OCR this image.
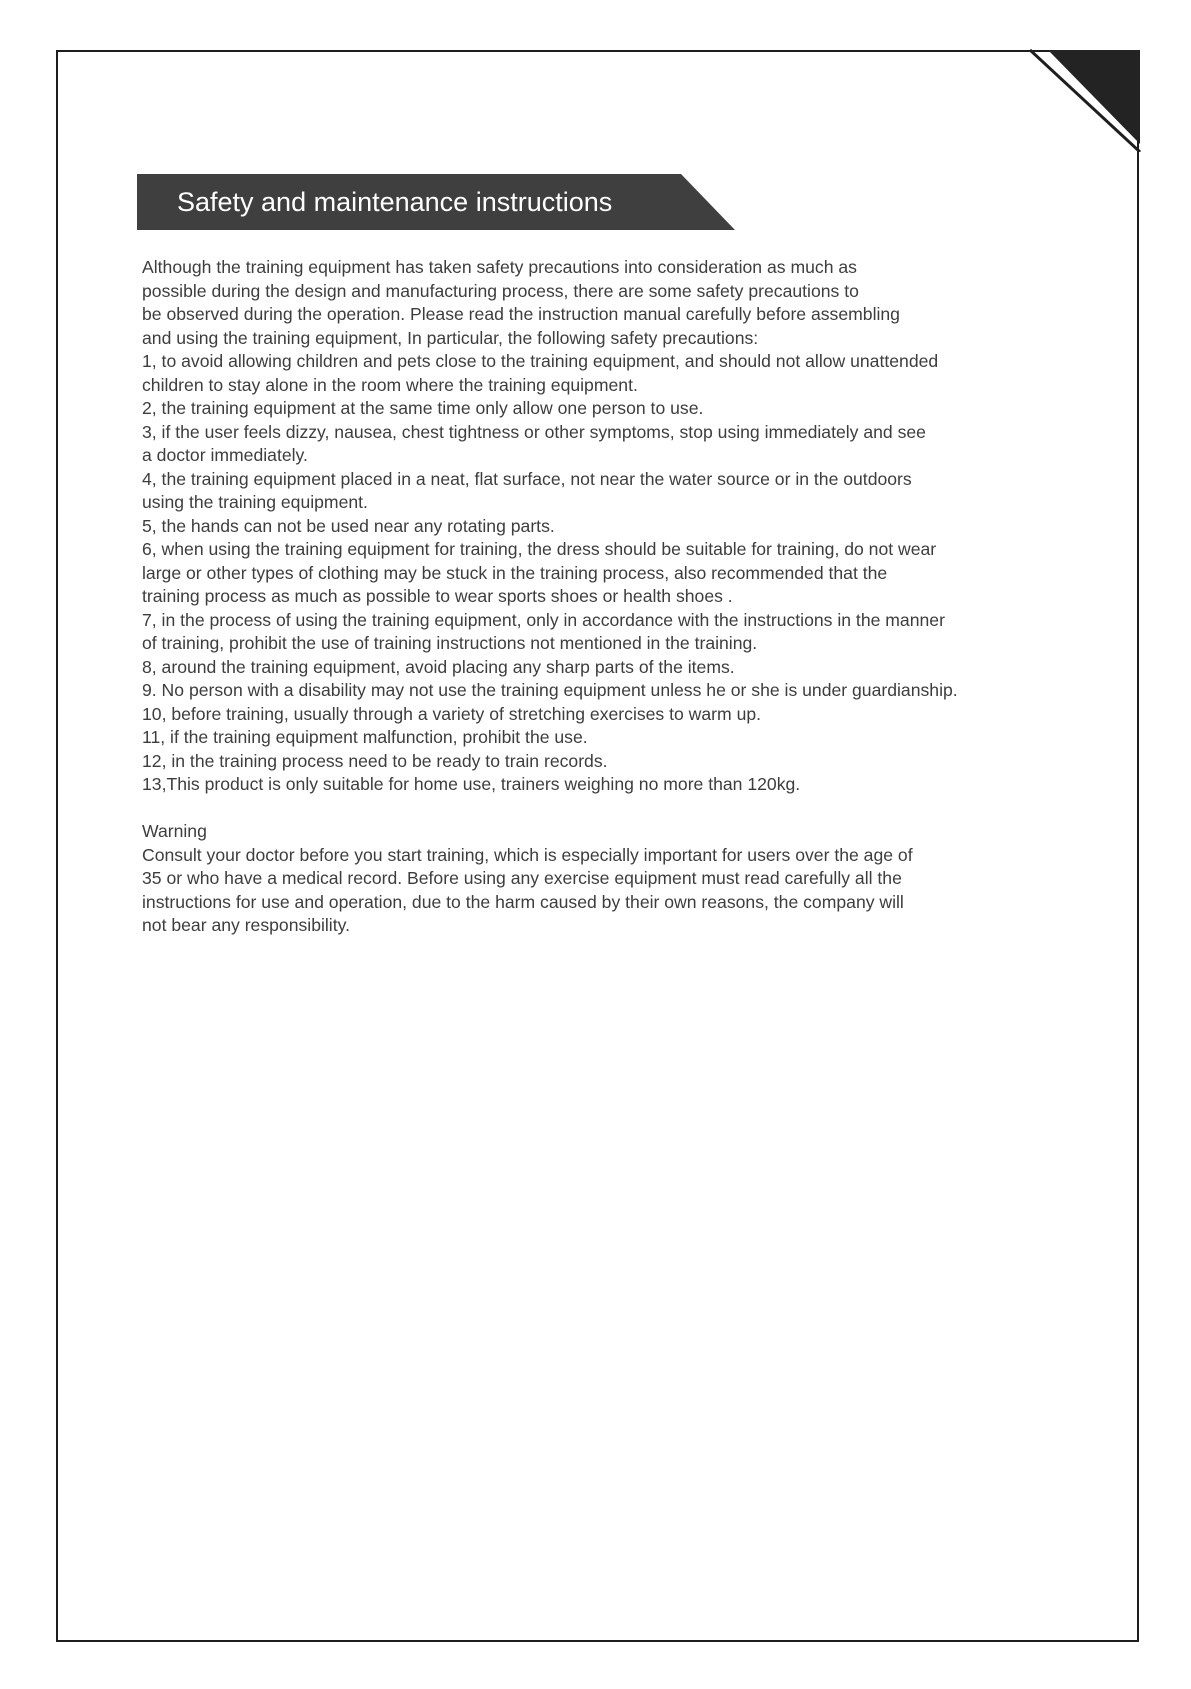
Safety and maintenance instructions

Although the training equipment has taken safety precautions into consideration as much as

possible during the design and manufacturing process, there are some safety precautions to

be observed during the operation. Please read the instruction manual carefully before assembling

and using the training equipment, In particular, the following safety precautions:

1, to avoid allowing children and pets close to the training equipment, and should not allow unattended

children to stay alone in the room where the training equipment.

2, the training equipment at the same time only allow one person to use.

3, if the user feels dizzy, nausea, chest tightness or other symptoms, stop using immediately and see

a doctor immediately.

4, the training equipment placed in a neat, flat surface, not near the water source or in the outdoors

using the training equipment.

5, the hands can not be used near any rotating parts.

6, when using the training equipment for training, the dress should be suitable for training, do not wear

large or other types of clothing may be stuck in the training process, also recommended that the

training process as much as possible to wear sports shoes or health shoes .

7, in the process of using the training equipment, only in accordance with the instructions in the manner

of training, prohibit the use of training instructions not mentioned in the training.

8, around the training equipment, avoid placing any sharp parts of the items.

9. No person with a disability may not use the training equipment unless he or she is under guardianship.

10, before training, usually through a variety of stretching exercises to warm up.

11, if the training equipment malfunction, prohibit the use.

12, in the training process need to be ready to train records.

13,This product is only suitable for home use, trainers weighing no more than 120kg.

Warning

Consult your doctor before you start training, which is especially important for users over the age of

35 or who have a medical record. Before using any exercise equipment must read carefully all the

instructions for use and operation, due to the harm caused by their own reasons, the company will

not bear any responsibility.
